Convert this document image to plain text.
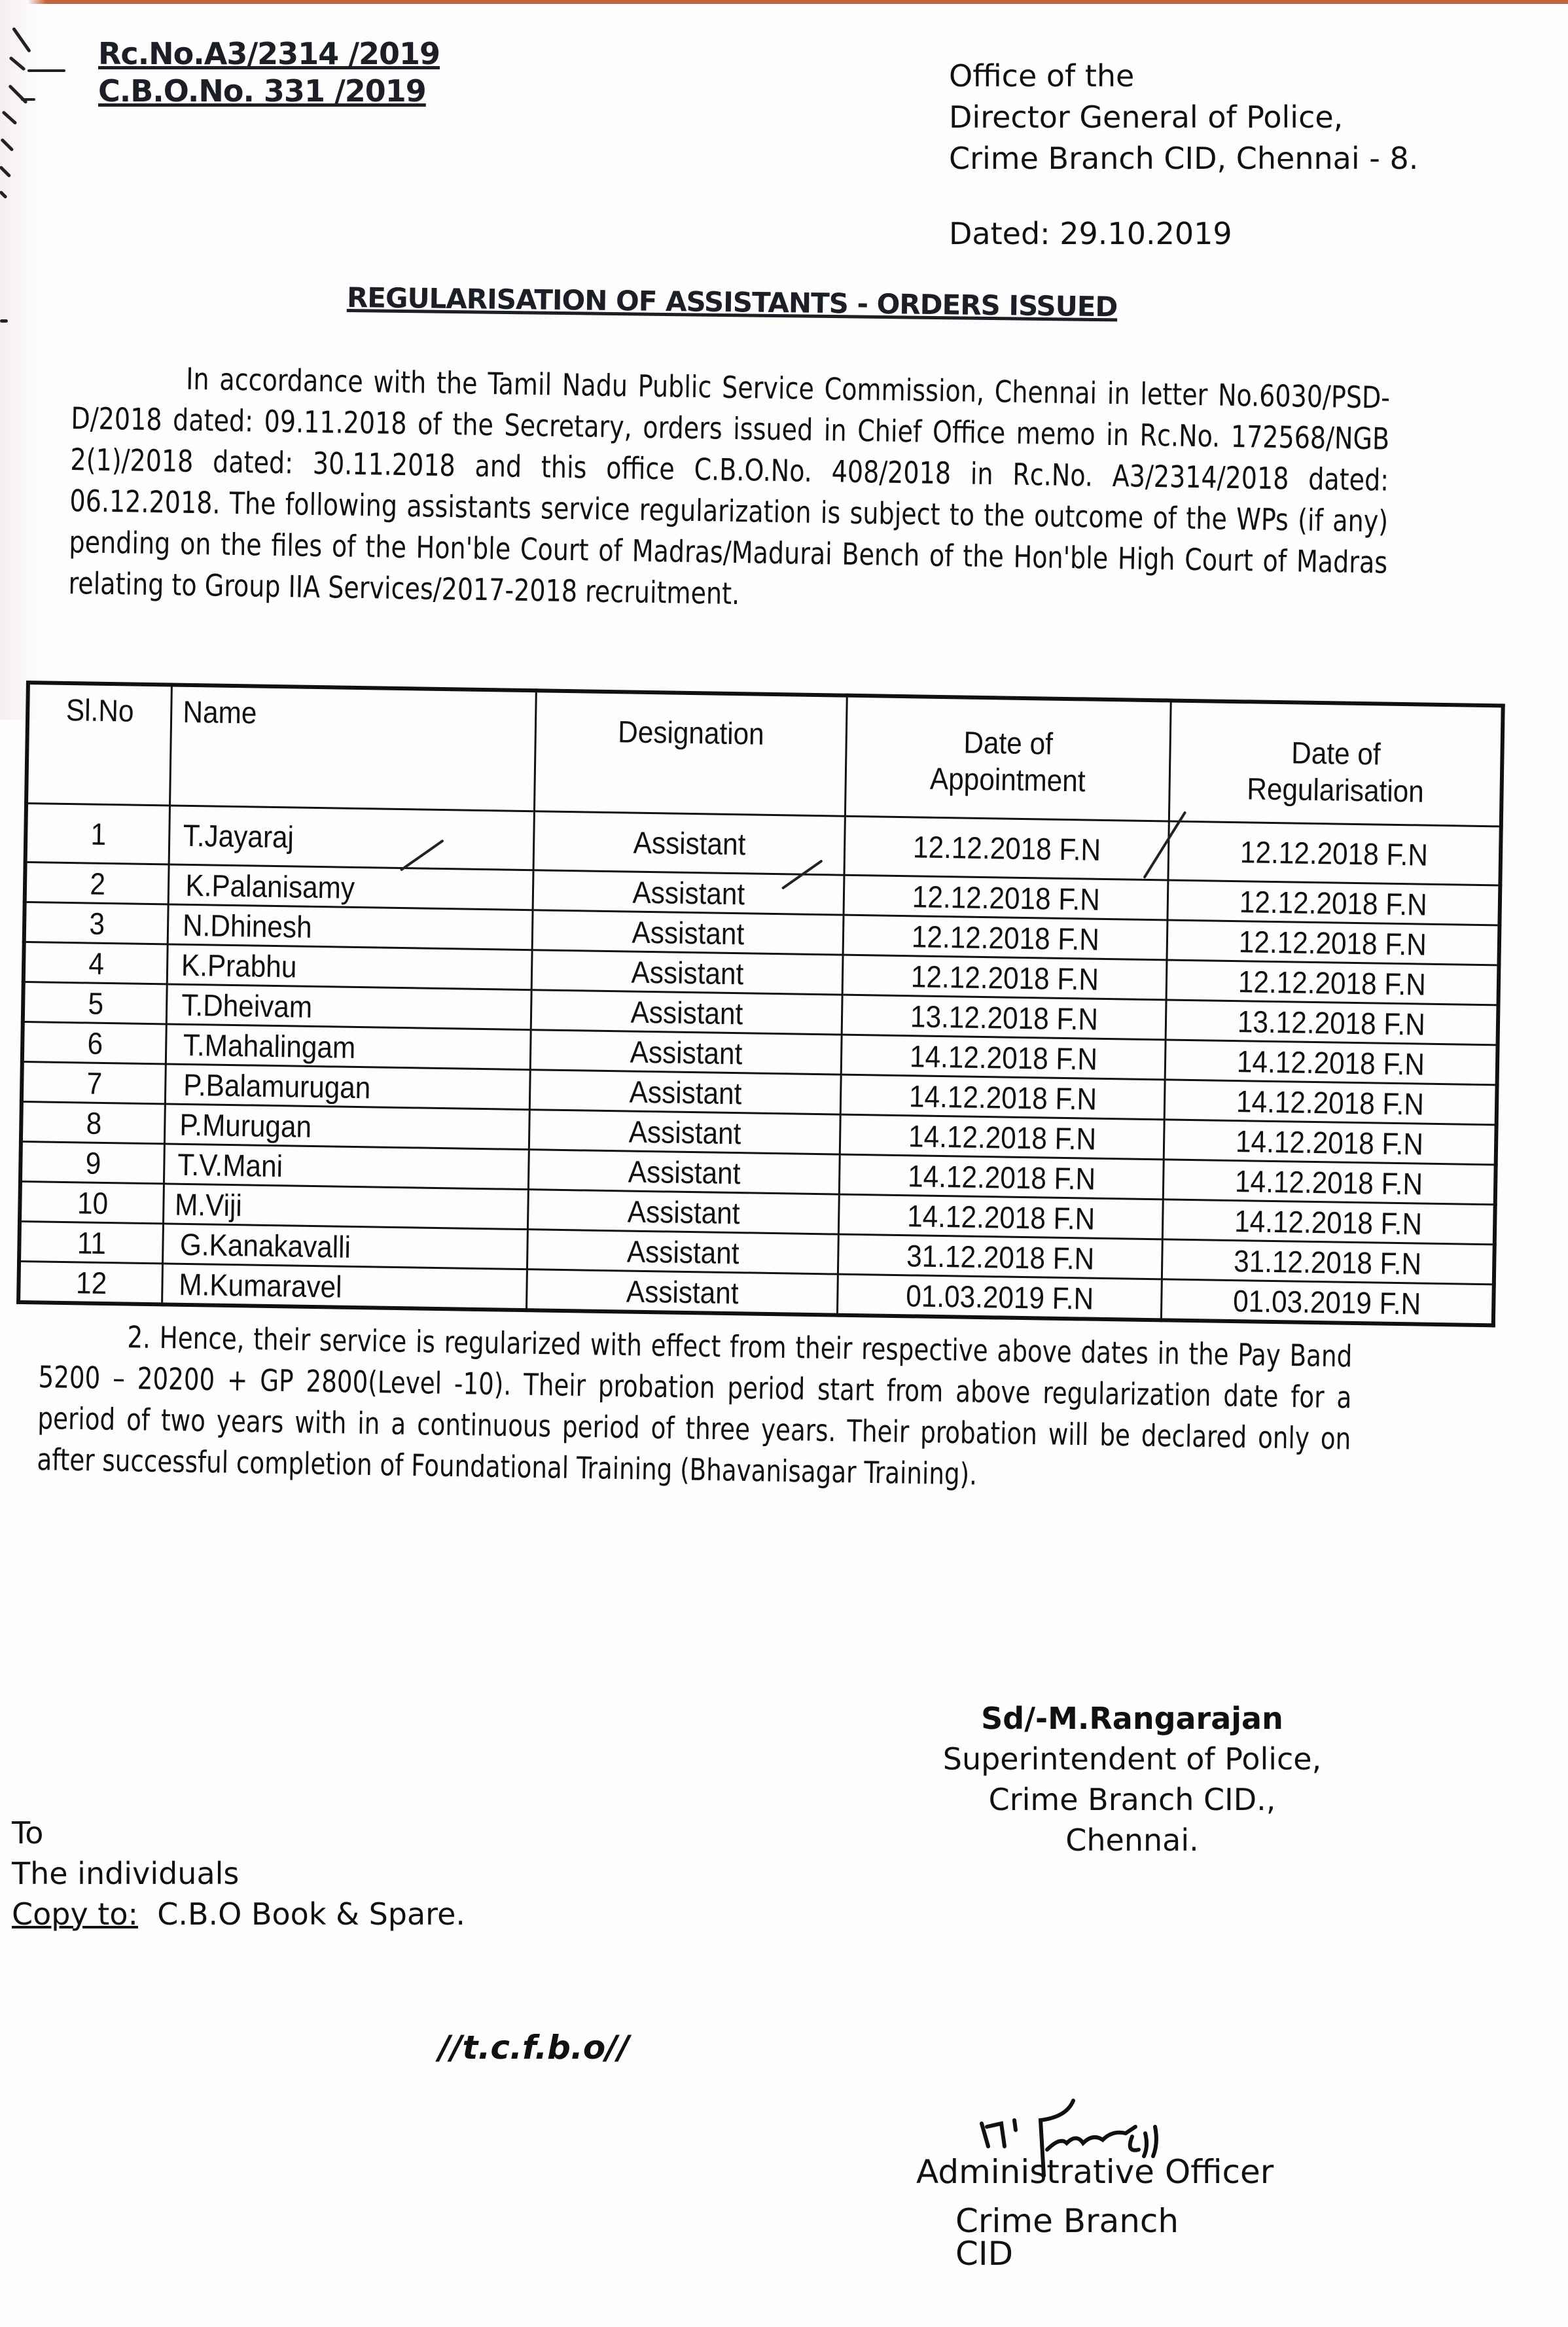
Rc.No.A3/2314 /2019
C.B.O.No. 331 /2019	Office of the
Director General of Police,
Crime Branch CID, Chennai - 8.
Dated: 29.10.2019
REGULARISATION OF ASSISTANTS - ORDERS ISSUED
In accordance with the Tamil Nadu Public Service Commission, Chennai in letter No.6030/PSD-D/2018 dated: 09.11.2018 of the Secretary, orders issued in Chief Office memo in Rc.No. 172568/NGB 2(1)/2018 dated: 30.11.2018 and this office C.B.O.No. 408/2018 in Rc.No. A3/2314/2018 dated: 06.12.2018. The following assistants service regularization is subject to the outcome of the WPs (if any) pending on the files of the Hon'ble Court of Madras/Madurai Bench of the Hon'ble High Court of Madras relating to Group IIA Services/2017-2018 recruitment.
Sl.No	Name	Designation	Date of Appointment	Date of Regularisation

1	T.Jayaraj	Assistant	12.12.2018 F.N	12.12.2018 F.N
2	K.Palanisamy	Assistant	12.12.2018 F.N	12.12.2018 F.N
3	N.Dhinesh	Assistant	12.12.2018 F.N	12.12.2018 F.N
4	K.Prabhu	Assistant	12.12.2018 F.N	12.12.2018 F.N
5	T.Dheivam	Assistant	13.12.2018 F.N	13.12.2018 F.N
6	T.Mahalingam	Assistant	14.12.2018 F.N	14.12.2018 F.N
7	P.Balamurugan	Assistant	14.12.2018 F.N	14.12.2018 F.N
8	P.Murugan	Assistant	14.12.2018 F.N	14.12.2018 F.N
9	T.V.Mani	Assistant	14.12.2018 F.N	14.12.2018 F.N
10	M.Viji	Assistant	14.12.2018 F.N	14.12.2018 F.N
11	G.Kanakavalli	Assistant	31.12.2018 F.N	31.12.2018 F.N
12	M.Kumaravel	Assistant	01.03.2019 F.N	01.03.2019 F.N
2. Hence, their service is regularized with effect from their respective above dates in the Pay Band 5200 – 20200 + GP 2800(Level -10). Their probation period start from above regularization date for a period of two years with in a continuous period of three years. Their probation will be declared only on after successful completion of Foundational Training (Bhavanisagar Training).
Sd/-M.Rangarajan
Superintendent of Police,
Crime Branch CID.,
Chennai.
To
The individuals
Copy to: C.B.O Book & Spare.
//t.c.f.b.o//
Administrative Officer
Crime Branch CID
